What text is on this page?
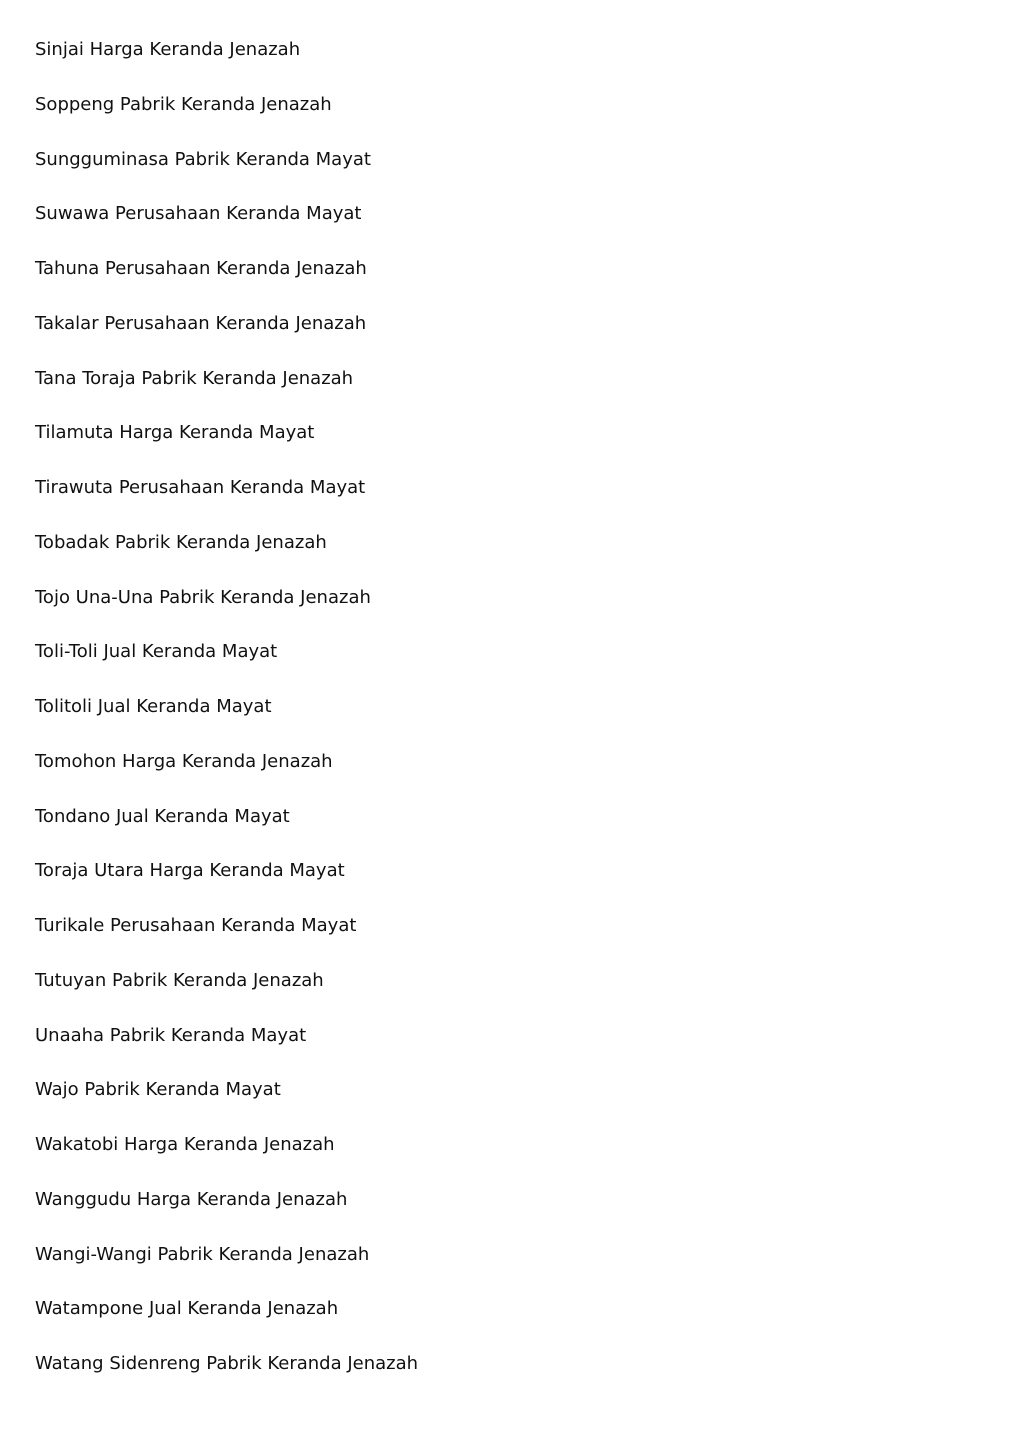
Sinjai Harga Keranda Jenazah
Soppeng Pabrik Keranda Jenazah
Sungguminasa Pabrik Keranda Mayat
Suwawa Perusahaan Keranda Mayat
Tahuna Perusahaan Keranda Jenazah
Takalar Perusahaan Keranda Jenazah
Tana Toraja Pabrik Keranda Jenazah
Tilamuta Harga Keranda Mayat
Tirawuta Perusahaan Keranda Mayat
Tobadak Pabrik Keranda Jenazah
Tojo Una-Una Pabrik Keranda Jenazah
Toli-Toli Jual Keranda Mayat
Tolitoli Jual Keranda Mayat
Tomohon Harga Keranda Jenazah
Tondano Jual Keranda Mayat
Toraja Utara Harga Keranda Mayat
Turikale Perusahaan Keranda Mayat
Tutuyan Pabrik Keranda Jenazah
Unaaha Pabrik Keranda Mayat
Wajo Pabrik Keranda Mayat
Wakatobi Harga Keranda Jenazah
Wanggudu Harga Keranda Jenazah
Wangi-Wangi Pabrik Keranda Jenazah
Watampone Jual Keranda Jenazah
Watang Sidenreng Pabrik Keranda Jenazah
